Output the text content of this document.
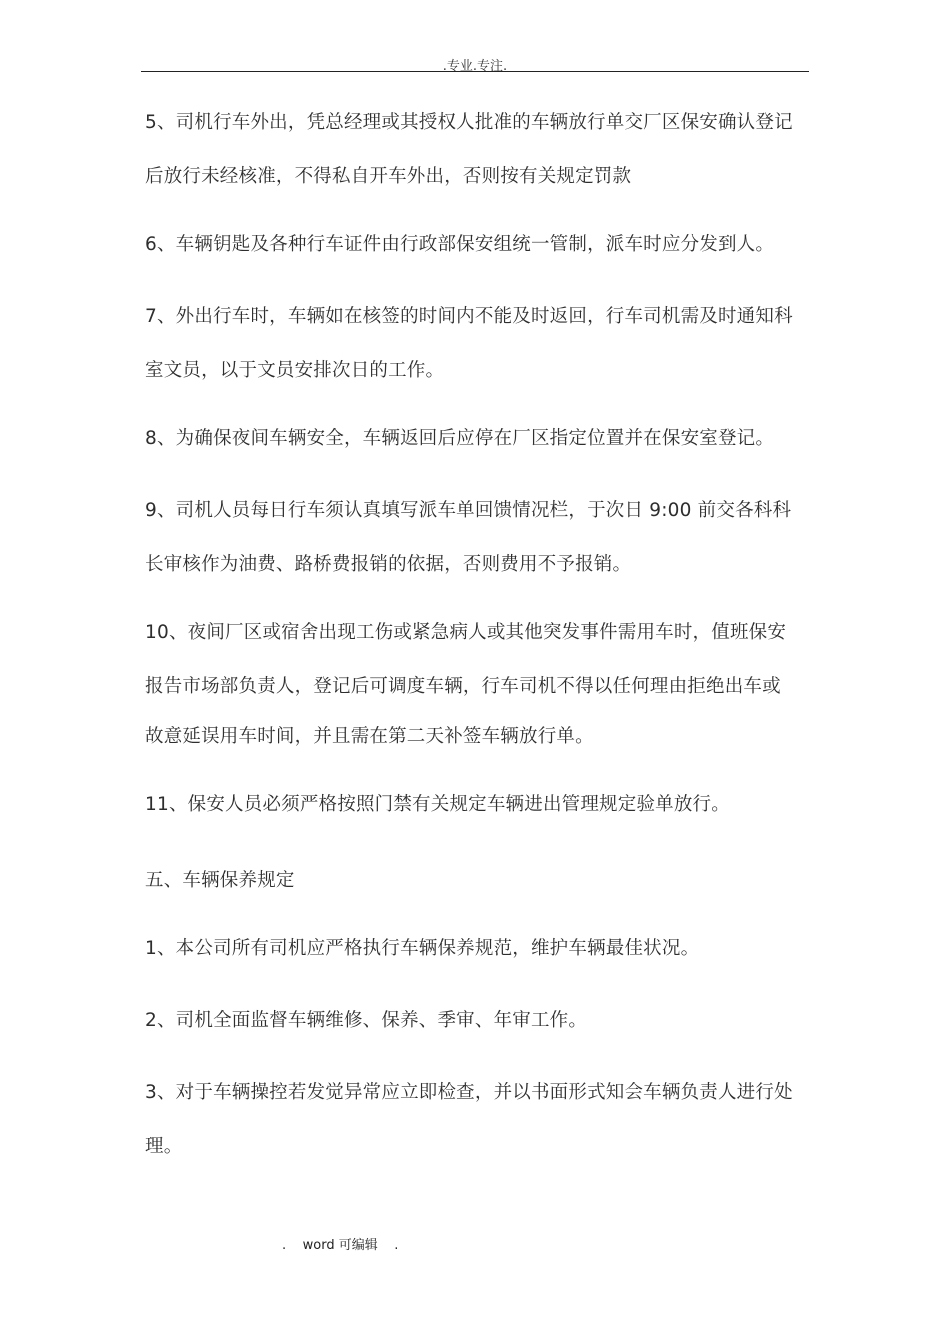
.专业.专注.
5、司机行车外出，凭总经理或其授权人批准的车辆放行单交厂区保安确认登记
后放行未经核准，不得私自开车外出，否则按有关规定罚款
6、车辆钥匙及各种行车证件由行政部保安组统一管制，派车时应分发到人。
7、外出行车时，车辆如在核签的时间内不能及时返回，行车司机需及时通知科
室文员，以于文员安排次日的工作。
8、为确保夜间车辆安全，车辆返回后应停在厂区指定位置并在保安室登记。
9、司机人员每日行车须认真填写派车单回馈情况栏，于次日 9:00 前交各科科
长审核作为油费、路桥费报销的依据，否则费用不予报销。
10、夜间厂区或宿舍出现工伤或紧急病人或其他突发事件需用车时，值班保安
报告市场部负责人，登记后可调度车辆，行车司机不得以任何理由拒绝出车或
故意延误用车时间，并且需在第二天补签车辆放行单。
11、保安人员必须严格按照门禁有关规定车辆进出管理规定验单放行。
五、车辆保养规定
1、本公司所有司机应严格执行车辆保养规范，维护车辆最佳状况。
2、司机全面监督车辆维修、保养、季审、年审工作。
3、对于车辆操控若发觉异常应立即检查，并以书面形式知会车辆负责人进行处
理。
.    word 可编辑    .
